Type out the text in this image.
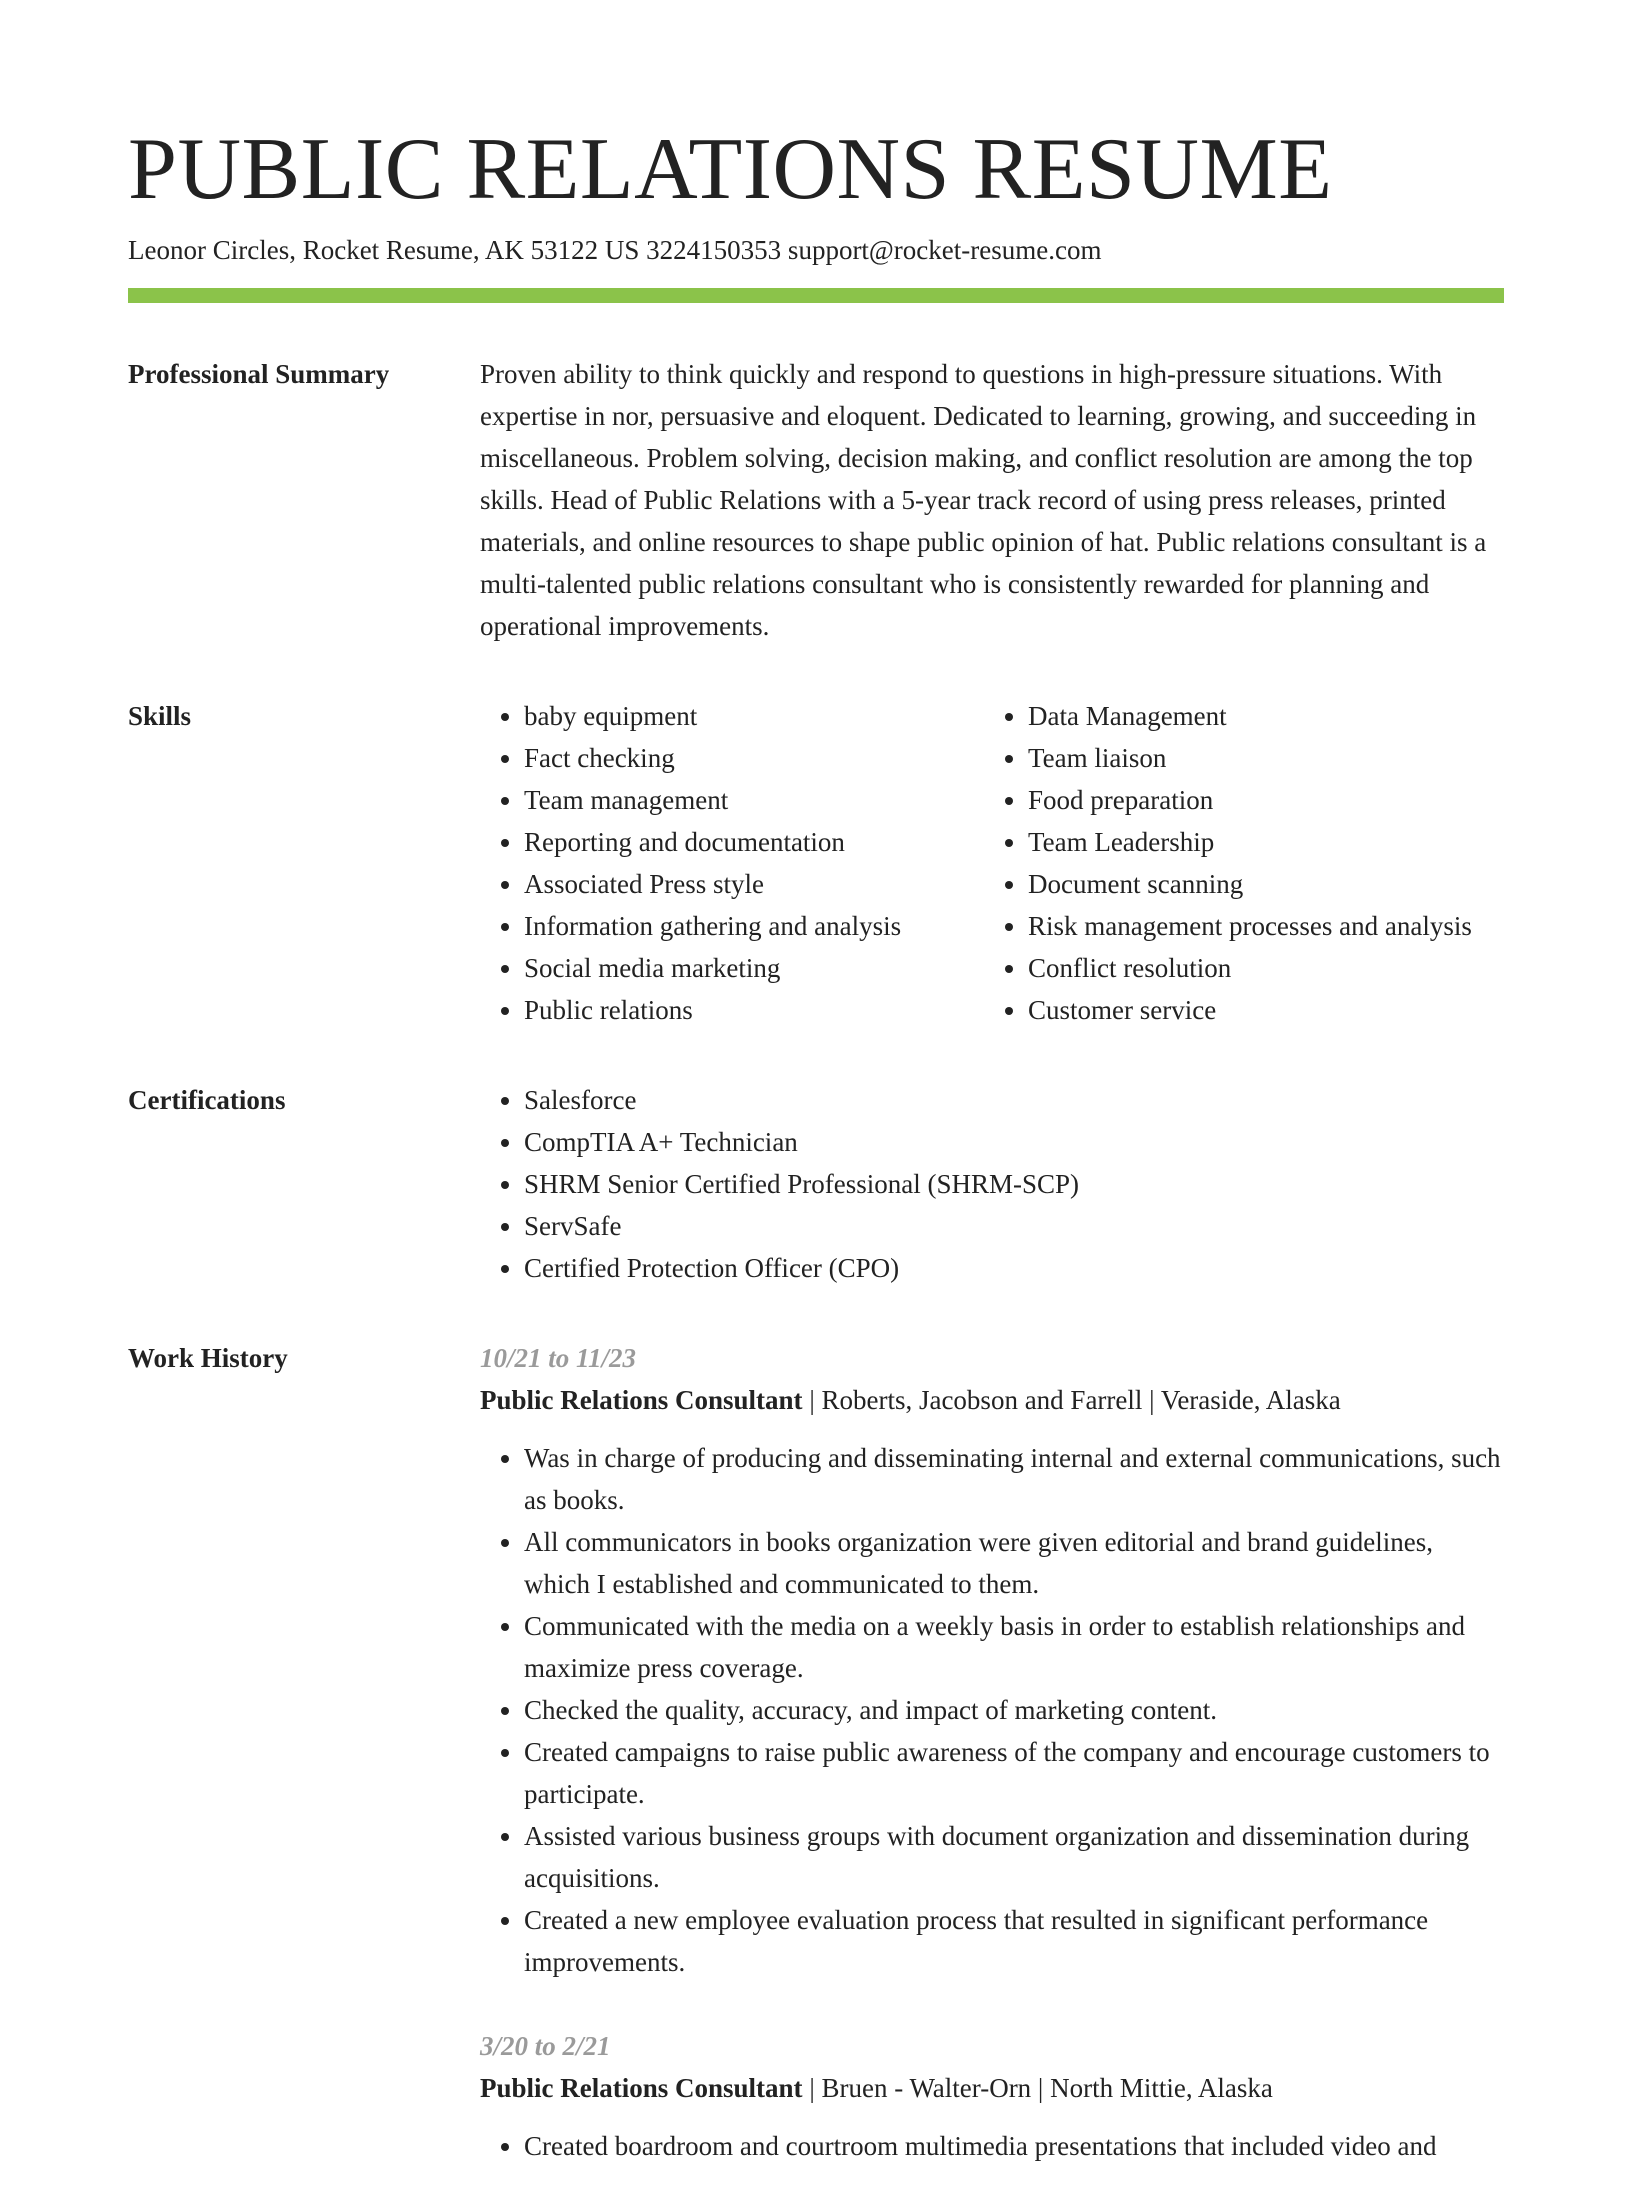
PUBLIC RELATIONS RESUME
Leonor Circles, Rocket Resume, AK 53122 US 3224150353 support@rocket-resume.com
Professional Summary	Proven ability to think quickly and respond to questions in high-pressure situations. With expertise in nor, persuasive and eloquent. Dedicated to learning, growing, and succeeding in miscellaneous. Problem solving, decision making, and conflict resolution are among the top skills. Head of Public Relations with a 5-year track record of using press releases, printed materials, and online resources to shape public opinion of hat. Public relations consultant is a multi-talented public relations consultant who is consistently rewarded for planning and operational improvements.

Skills	• baby equipment
• Fact checking
• Team management
• Reporting and documentation
• Associated Press style
• Information gathering and analysis
• Social media marketing
• Public relations
• Data Management
• Team liaison
• Food preparation
• Team Leadership
• Document scanning
• Risk management processes and analysis
• Conflict resolution
• Customer service
Certifications	• Salesforce
• CompTIA A+ Technician
• SHRM Senior Certified Professional (SHRM-SCP)
• ServSafe
• Certified Protection Officer (CPO)
Work History	10/21 to 11/23
Public Relations Consultant | Roberts, Jacobson and Farrell | Veraside, Alaska
• Was in charge of producing and disseminating internal and external communications, such as books.
• All communicators in books organization were given editorial and brand guidelines, which I established and communicated to them.
• Communicated with the media on a weekly basis in order to establish relationships and maximize press coverage.
• Checked the quality, accuracy, and impact of marketing content.
• Created campaigns to raise public awareness of the company and encourage customers to participate.
• Assisted various business groups with document organization and dissemination during acquisitions.
• Created a new employee evaluation process that resulted in significant performance improvements.
3/20 to 2/21
Public Relations Consultant | Bruen - Walter-Orn | North Mittie, Alaska
• Created boardroom and courtroom multimedia presentations that included video and
